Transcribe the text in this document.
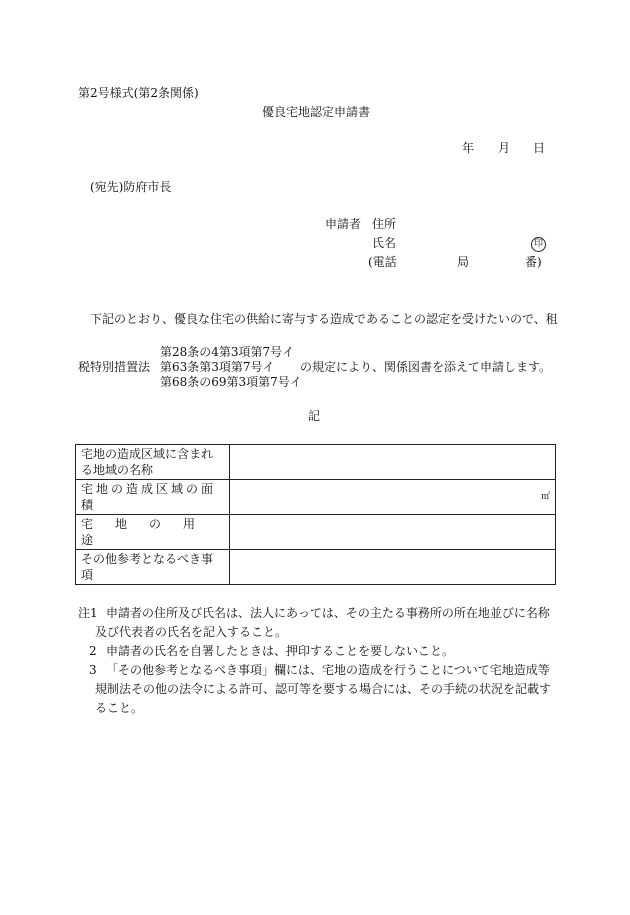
第2号様式(第2条関係)
優良宅地認定申請書
年 月 日
(宛先)防府市長
申請者 住所
氏名	印
(電話	局	番)
下記のとおり、優良な住宅の供給に寄与する造成であることの認定を受けたいので、租
第28条の4第3項第7号イ
税特別措置法 第63条第3項第7号イ の規定により、関係図書を添えて申請します。
第68条の69第3項第7号イ
記
宅地の造成区域に含まれる地域の名称	

宅地の造成区域の面積	㎡

宅地の用途	
その他参考となるべき事項	
注1 申請者の住所及び氏名は、法人にあっては、その主たる事務所の所在地並びに名称
及び代表者の氏名を記入すること。
2 申請者の氏名を自署したときは、押印することを要しないこと。
3 「その他参考となるべき事項」欄には、宅地の造成を行うことについて宅地造成等
規制法その他の法令による許可、認可等を要する場合には、その手続の状況を記載す
ること。
